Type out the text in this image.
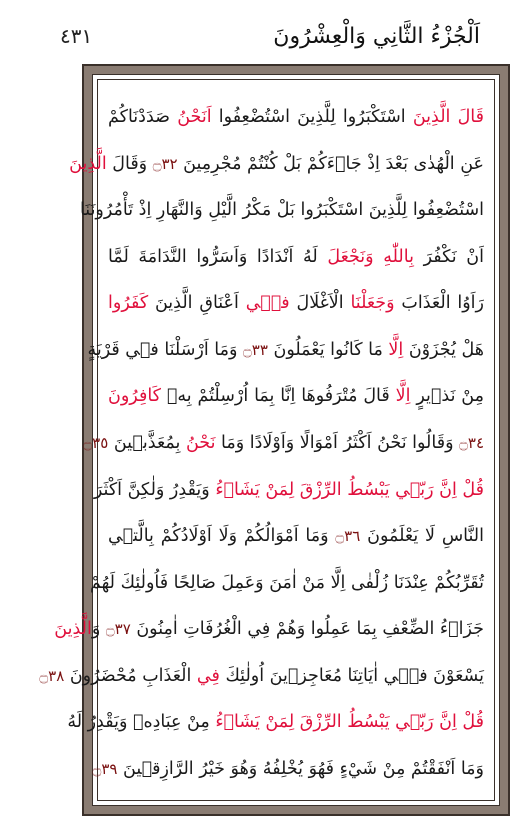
٤٣١	اَلْجُزْءُ الثَّانِي وَالْعِشْرُونَ
قَالَ الَّذِينَ اسْتَكْبَرُوا لِلَّذِينَ اسْتُضْعِفُوا اَنَحْنُ صَدَدْنَاكُمْ
عَنِ الْهُدٰى بَعْدَ اِذْ جَاۤءَكُمْ بَلْ كُنْتُمْ مُجْرِمِينَ ۝٣٢ وَقَالَ الَّذِينَ
اسْتُضْعِفُوا لِلَّذِينَ اسْتَكْبَرُوا بَلْ مَكْرُ الَّيْلِ وَالنَّهَارِ اِذْ تَأْمُرُونَنَا
اَنْ نَكْفُرَ بِاللّٰهِ وَنَجْعَلَ لَهُ اَنْدَادًا وَاَسَرُّوا النَّدَامَةَ لَمَّا
رَاَوُا الْعَذَابَ وَجَعَلْنَا الْاَغْلَالَ فٖۤي اَعْنَاقِ الَّذِينَ كَفَرُوا
هَلْ يُجْزَوْنَ اِلَّا مَا كَانُوا يَعْمَلُونَ ۝٣٣ وَمَا اَرْسَلْنَا فٖي قَرْيَةٍ
مِنْ نَذٖيرٍ اِلَّا قَالَ مُتْرَفُوهَا اِنَّا بِمَا اُرْسِلْتُمْ بِهٖ كَافِرُونَ
۝٣٤ وَقَالُوا نَحْنُ اَكْثَرُ اَمْوَالًا وَاَوْلَادًا وَمَا نَحْنُ بِمُعَذَّبٖينَ ۝٣٥
قُلْ اِنَّ رَبّٖي يَبْسُطُ الرِّزْقَ لِمَنْ يَشَاۤءُ وَيَقْدِرُ وَلٰكِنَّ اَكْثَرَ
النَّاسِ لَا يَعْلَمُونَ ۝٣٦ وَمَا اَمْوَالُكُمْ وَلَا اَوْلَادُكُمْ بِالَّتٖي
تُقَرِّبُكُمْ عِنْدَنَا زُلْفٰى اِلَّا مَنْ اٰمَنَ وَعَمِلَ صَالِحًا فَاُولٰئِكَ لَهُمْ
جَزَاۤءُ الضِّعْفِ بِمَا عَمِلُوا وَهُمْ فِي الْغُرُفَاتِ اٰمِنُونَ ۝٣٧ وَالَّذِينَ
يَسْعَوْنَ فٖۤي اٰيَاتِنَا مُعَاجِزٖينَ اُولٰئِكَ فِي الْعَذَابِ مُحْضَرُونَ ۝٣٨
قُلْ اِنَّ رَبّٖي يَبْسُطُ الرِّزْقَ لِمَنْ يَشَاۤءُ مِنْ عِبَادِهٖ وَيَقْدِرُ لَهُ
وَمَا اَنْفَقْتُمْ مِنْ شَيْءٍ فَهُوَ يُخْلِفُهُ وَهُوَ خَيْرُ الرَّازِقٖينَ ۝٣٩
